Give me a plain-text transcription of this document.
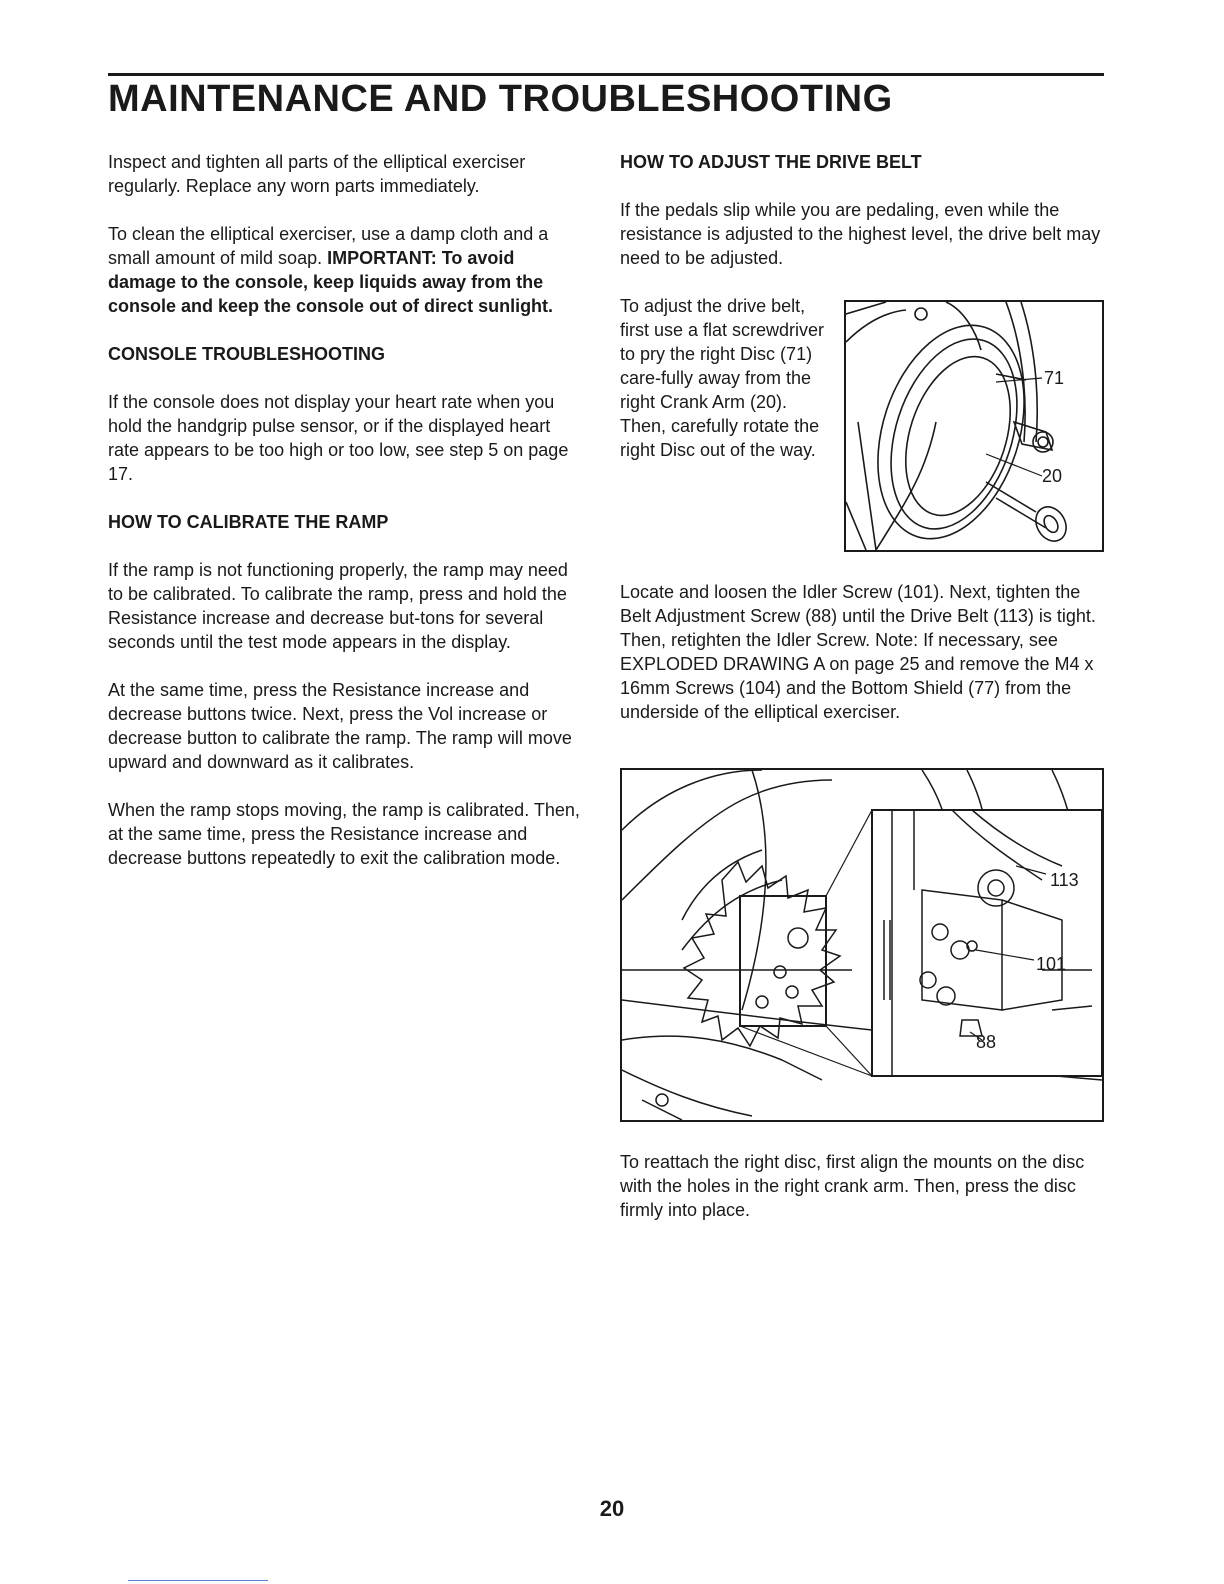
MAINTENANCE AND TROUBLESHOOTING

Inspect and tighten all parts of the elliptical exerciser regularly. Replace any worn parts immediately.

To clean the elliptical exerciser, use a damp cloth and a small amount of mild soap. IMPORTANT: To avoid damage to the console, keep liquids away from the console and keep the console out of direct sunlight.

CONSOLE TROUBLESHOOTING

If the console does not display your heart rate when you hold the handgrip pulse sensor, or if the displayed heart rate appears to be too high or too low, see step 5 on page 17.

HOW TO CALIBRATE THE RAMP

If the ramp is not functioning properly, the ramp may need to be calibrated. To calibrate the ramp, press and hold the Resistance increase and decrease but-tons for several seconds until the test mode appears in the display.

At the same time, press the Resistance increase and decrease buttons twice. Next, press the Vol increase or decrease button to calibrate the ramp. The ramp will move upward and downward as it calibrates.

When the ramp stops moving, the ramp is calibrated. Then, at the same time, press the Resistance increase and decrease buttons repeatedly to exit the calibration mode.

HOW TO ADJUST THE DRIVE BELT

If the pedals slip while you are pedaling, even while the resistance is adjusted to the highest level, the drive belt may need to be adjusted.

To adjust the drive belt, first use a flat screwdriver to pry the right Disc (71) care-fully away from the right Crank Arm (20). Then, carefully rotate the right Disc out of the way.
71
20

Locate and loosen the Idler Screw (101). Next, tighten the Belt Adjustment Screw (88) until the Drive Belt (113) is tight. Then, retighten the Idler Screw. Note: If necessary, see EXPLODED DRAWING A on page 25 and remove the M4 x 16mm Screws (104) and the Bottom Shield (77) from the underside of the elliptical exerciser.

113
101
88

To reattach the right disc, first align the mounts on the disc with the holes in the right crank arm. Then, press the disc firmly into place.

20
